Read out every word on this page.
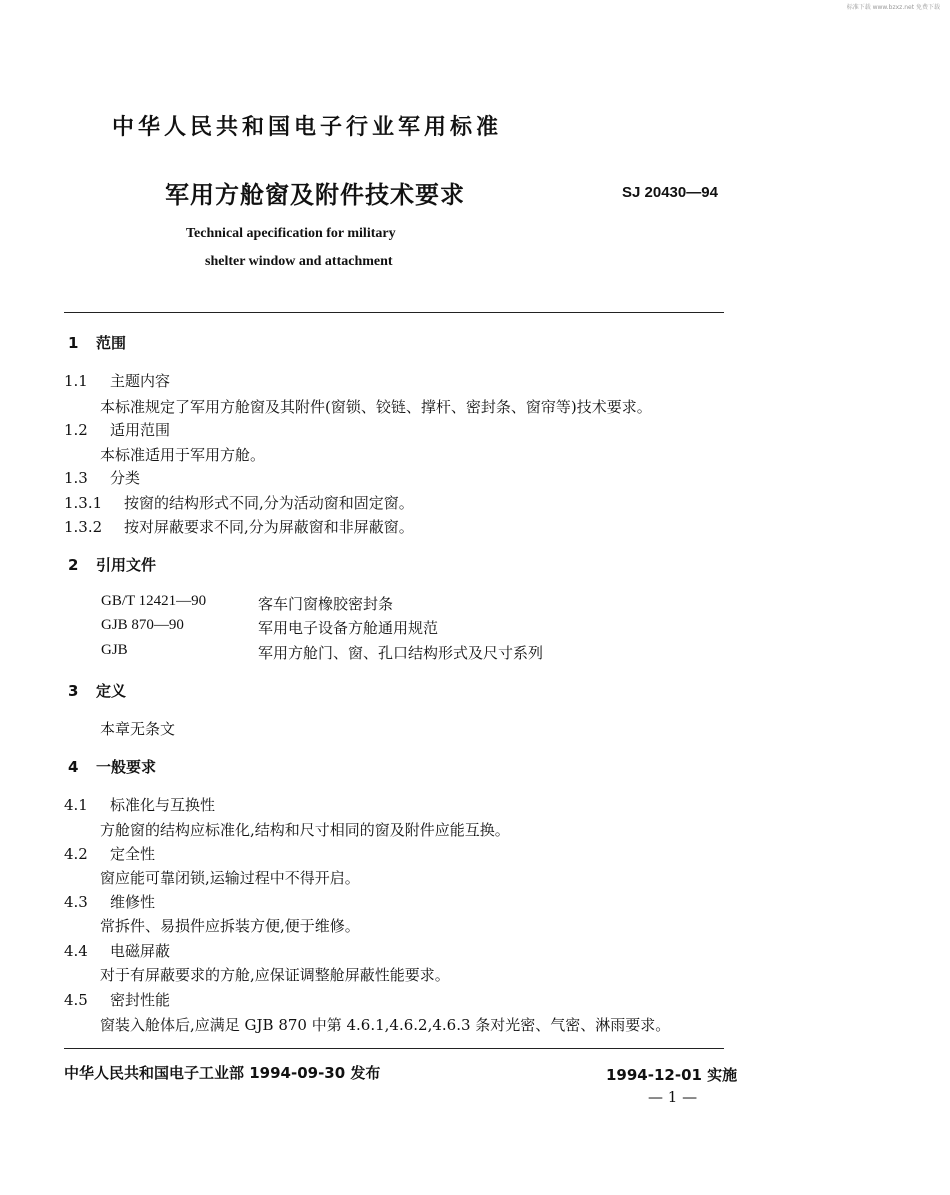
标准下载 www.bzxz.net 免费下载
中华人民共和国电子行业军用标准
军用方舱窗及附件技术要求	SJ 20430—94
Technical apecification for military
shelter window and attachment
1 范围
1.1 主题内容
本标准规定了军用方舱窗及其附件(窗锁、铰链、撑杆、密封条、窗帘等)技术要求。
1.2 适用范围
本标准适用于军用方舱。
1.3 分类
1.3.1 按窗的结构形式不同,分为活动窗和固定窗。
1.3.2 按对屏蔽要求不同,分为屏蔽窗和非屏蔽窗。
2 引用文件
GB/T 12421—90	客车门窗橡胶密封条
GJB 870—90	军用电子设备方舱通用规范
GJB	军用方舱门、窗、孔口结构形式及尺寸系列
3 定义
本章无条文
4 一般要求
4.1 标准化与互换性
方舱窗的结构应标准化,结构和尺寸相同的窗及附件应能互换。
4.2 定全性
窗应能可靠闭锁,运输过程中不得开启。
4.3 维修性
常拆件、易损件应拆装方便,便于维修。
4.4 电磁屏蔽
对于有屏蔽要求的方舱,应保证调整舱屏蔽性能要求。
4.5 密封性能
窗装入舱体后,应满足 GJB 870 中第 4.6.1,4.6.2,4.6.3 条对光密、气密、淋雨要求。
中华人民共和国电子工业部 1994-09-30 发布	1994-12-01 实施
— 1 —
